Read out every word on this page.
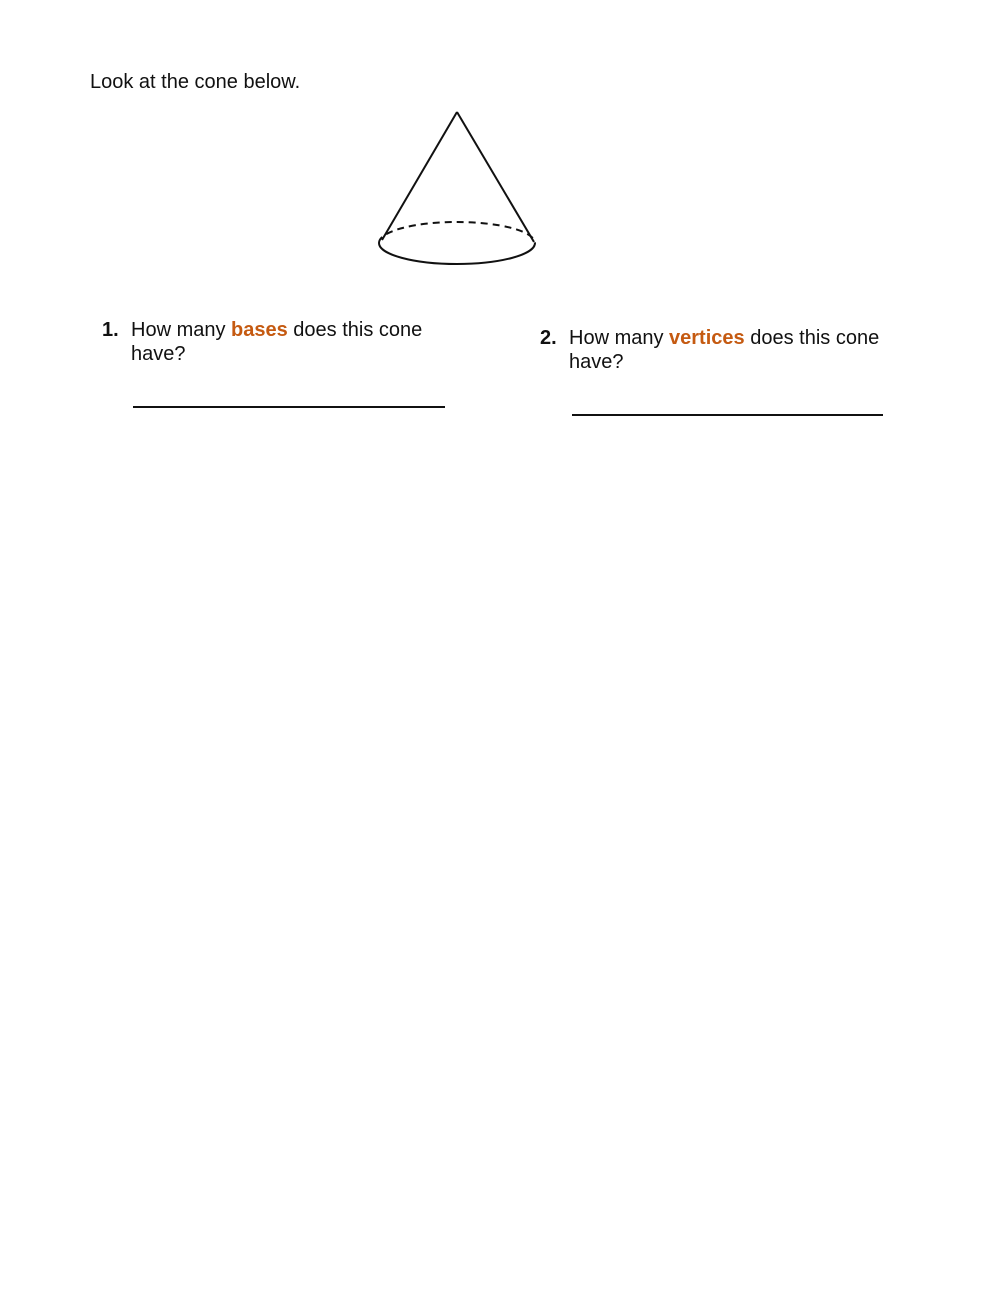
Look at the cone below.
1. How many bases does this cone have?
2. How many vertices does this cone have?
